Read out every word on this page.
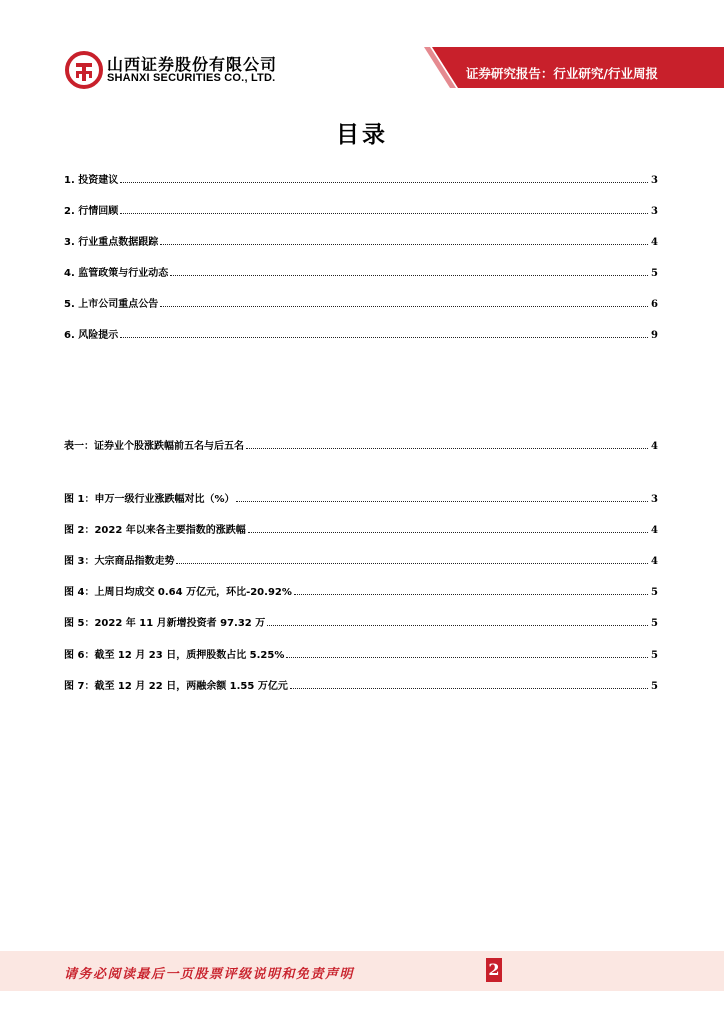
山西证券股份有限公司
SHANXI SECURITIES CO., LTD.	证券研究报告：行业研究/行业周报
目录
1. 投资建议	3
2. 行情回顾	3
3. 行业重点数据跟踪	4
4. 监管政策与行业动态	5
5. 上市公司重点公告	6
6. 风险提示	9
表一：证券业个股涨跌幅前五名与后五名	4
图 1：申万一级行业涨跌幅对比（%）	3
图 2：2022 年以来各主要指数的涨跌幅	4
图 3：大宗商品指数走势	4
图 4：上周日均成交 0.64 万亿元，环比-20.92%	5
图 5：2022 年 11 月新增投资者 97.32 万	5
图 6：截至 12 月 23 日，质押股数占比 5.25%	5
图 7：截至 12 月 22 日，两融余额 1.55 万亿元	5
请务必阅读最后一页股票评级说明和免责声明	2
